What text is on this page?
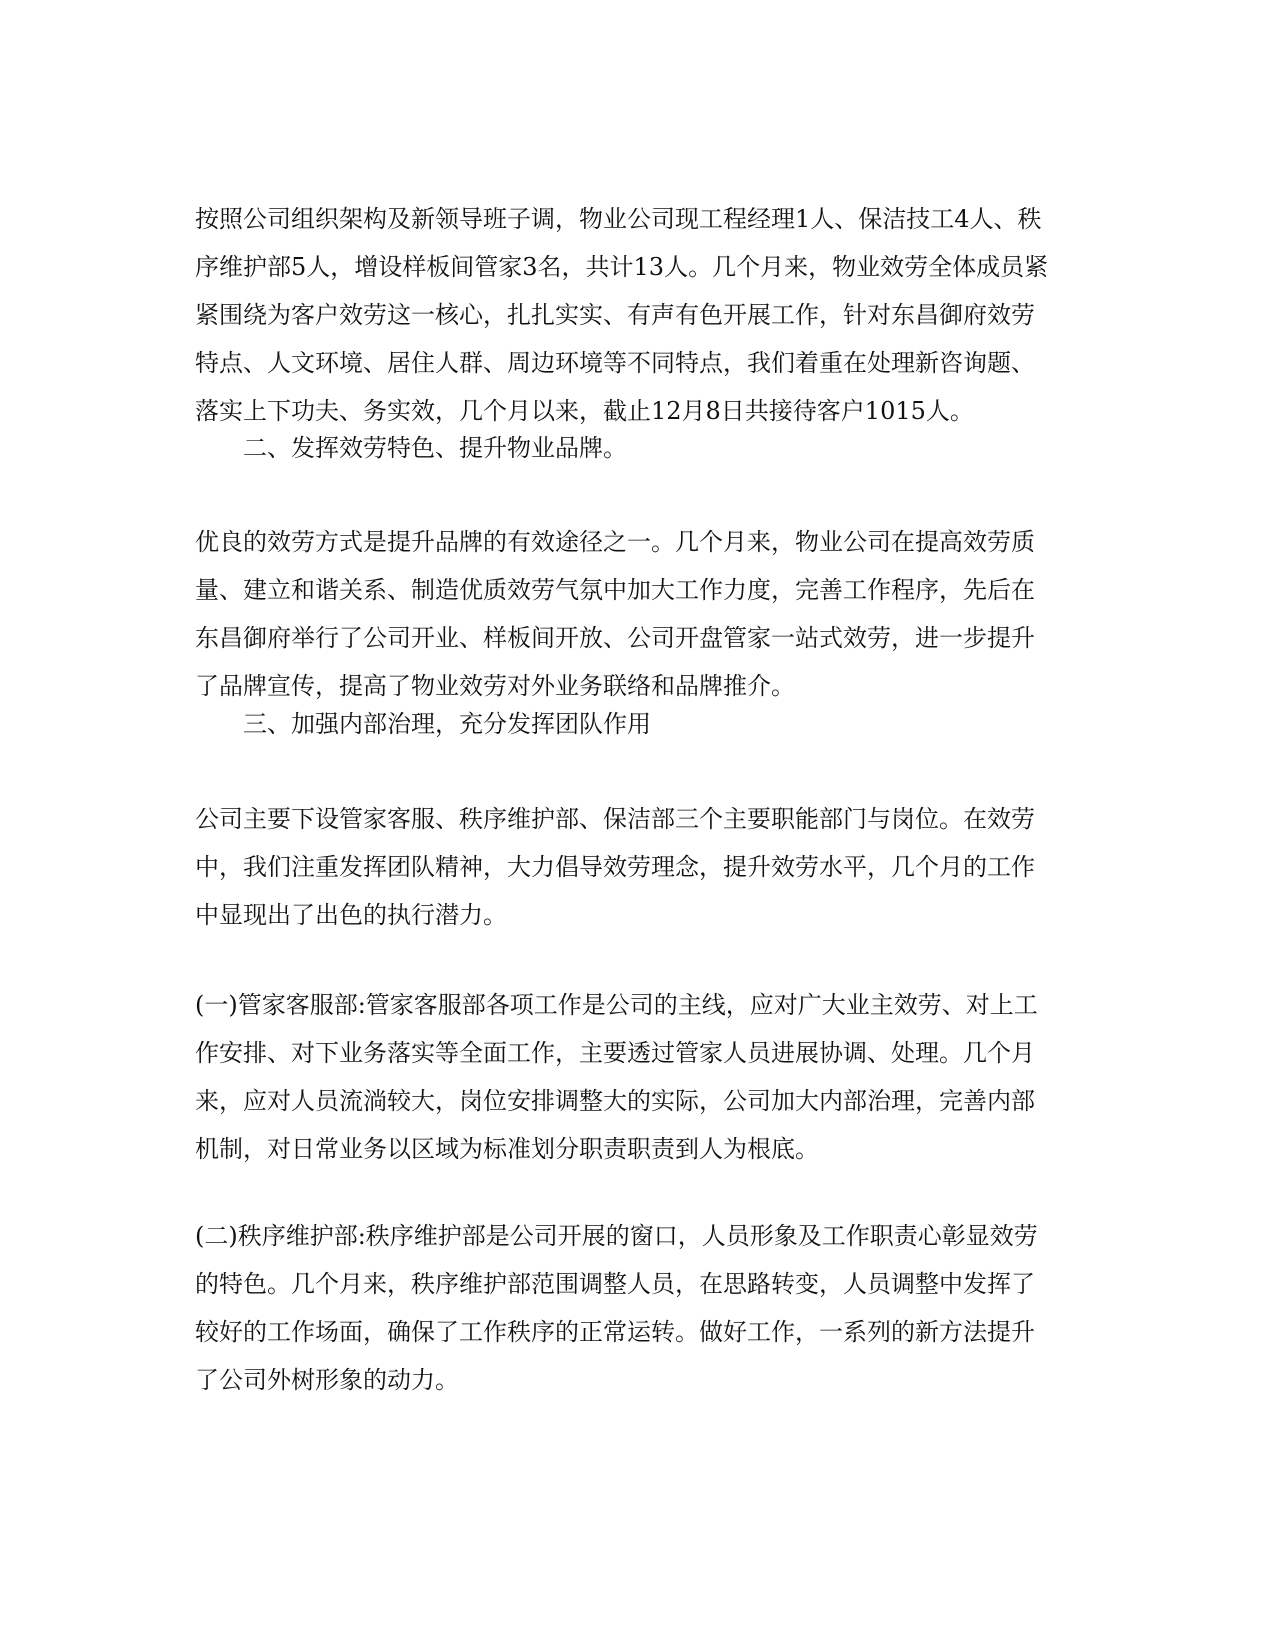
按照公司组织架构及新领导班子调，物业公司现工程经理1人、保洁技工4人、秩
序维护部5人，增设样板间管家3名，共计13人。几个月来，物业效劳全体成员紧
紧围绕为客户效劳这一核心，扎扎实实、有声有色开展工作，针对东昌御府效劳
特点、人文环境、居住人群、周边环境等不同特点，我们着重在处理新咨询题、
落实上下功夫、务实效，几个月以来，截止12月8日共接待客户1015人。

二、发挥效劳特色、提升物业品牌。

优良的效劳方式是提升品牌的有效途径之一。几个月来，物业公司在提高效劳质
量、建立和谐关系、制造优质效劳气氛中加大工作力度，完善工作程序，先后在
东昌御府举行了公司开业、样板间开放、公司开盘管家一站式效劳，进一步提升
了品牌宣传，提高了物业效劳对外业务联络和品牌推介。

三、加强内部治理，充分发挥团队作用

公司主要下设管家客服、秩序维护部、保洁部三个主要职能部门与岗位。在效劳
中，我们注重发挥团队精神，大力倡导效劳理念，提升效劳水平，几个月的工作
中显现出了出色的执行潜力。

(一)管家客服部:管家客服部各项工作是公司的主线，应对广大业主效劳、对上工
作安排、对下业务落实等全面工作，主要透过管家人员进展协调、处理。几个月
来，应对人员流淌较大，岗位安排调整大的实际，公司加大内部治理，完善内部
机制，对日常业务以区域为标准划分职责职责到人为根底。

(二)秩序维护部:秩序维护部是公司开展的窗口，人员形象及工作职责心彰显效劳
的特色。几个月来，秩序维护部范围调整人员，在思路转变，人员调整中发挥了
较好的工作场面，确保了工作秩序的正常运转。做好工作，一系列的新方法提升
了公司外树形象的动力。
